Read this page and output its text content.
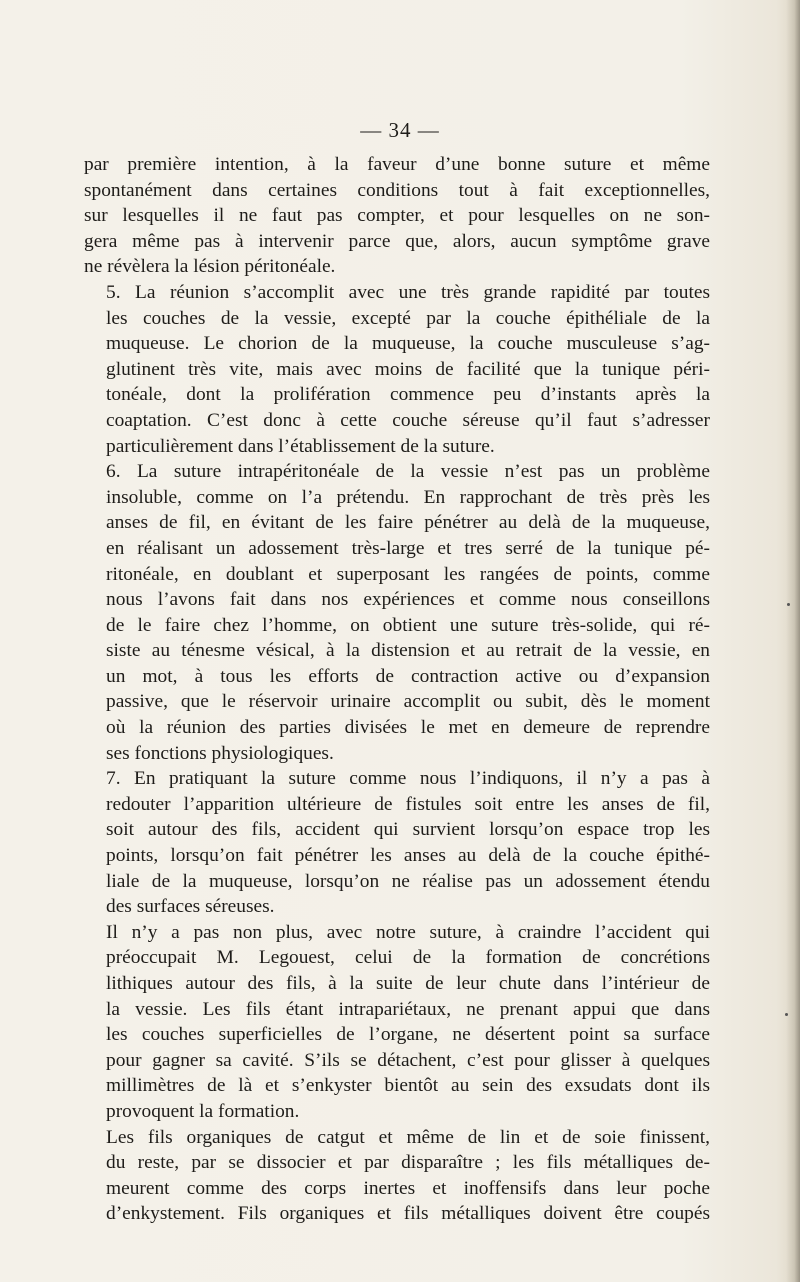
— 34 —

par première intention, à la faveur d’une bonne suture et même
spontanément dans certaines conditions tout à fait exceptionnelles,
sur lesquelles il ne faut pas compter, et pour lesquelles on ne son-
gera même pas à intervenir parce que, alors, aucun symptôme grave
ne révèlera la lésion péritonéale.

5. La réunion s’accomplit avec une très grande rapidité par toutes
les couches de la vessie, excepté par la couche épithéliale de la
muqueuse. Le chorion de la muqueuse, la couche musculeuse s’ag-
glutinent très vite, mais avec moins de facilité que la tunique péri-
tonéale, dont la prolifération commence peu d’instants après la
coaptation. C’est donc à cette couche séreuse qu’il faut s’adresser
particulièrement dans l’établissement de la suture.

6. La suture intrapéritonéale de la vessie n’est pas un problème
insoluble, comme on l’a prétendu. En rapprochant de très près les
anses de fil, en évitant de les faire pénétrer au delà de la muqueuse,
en réalisant un adossement très-large et tres serré de la tunique pé-
ritonéale, en doublant et superposant les rangées de points, comme
nous l’avons fait dans nos expériences et comme nous conseillons
de le faire chez l’homme, on obtient une suture très-solide, qui ré-
siste au ténesme vésical, à la distension et au retrait de la vessie, en
un mot, à tous les efforts de contraction active ou d’expansion
passive, que le réservoir urinaire accomplit ou subit, dès le moment
où la réunion des parties divisées le met en demeure de reprendre
ses fonctions physiologiques.

7. En pratiquant la suture comme nous l’indiquons, il n’y a pas à
redouter l’apparition ultérieure de fistules soit entre les anses de fil,
soit autour des fils, accident qui survient lorsqu’on espace trop les
points, lorsqu’on fait pénétrer les anses au delà de la couche épithé-
liale de la muqueuse, lorsqu’on ne réalise pas un adossement étendu
des surfaces séreuses.

Il n’y a pas non plus, avec notre suture, à craindre l’accident qui
préoccupait M. Legouest, celui de la formation de concrétions
lithiques autour des fils, à la suite de leur chute dans l’intérieur de
la vessie. Les fils étant intrapariétaux, ne prenant appui que dans
les couches superficielles de l’organe, ne désertent point sa surface
pour gagner sa cavité. S’ils se détachent, c’est pour glisser à quelques
millimètres de là et s’enkyster bientôt au sein des exsudats dont ils
provoquent la formation.

Les fils organiques de catgut et même de lin et de soie finissent,
du reste, par se dissocier et par disparaître ; les fils métalliques de-
meurent comme des corps inertes et inoffensifs dans leur poche
d’enkystement. Fils organiques et fils métalliques doivent être coupés
